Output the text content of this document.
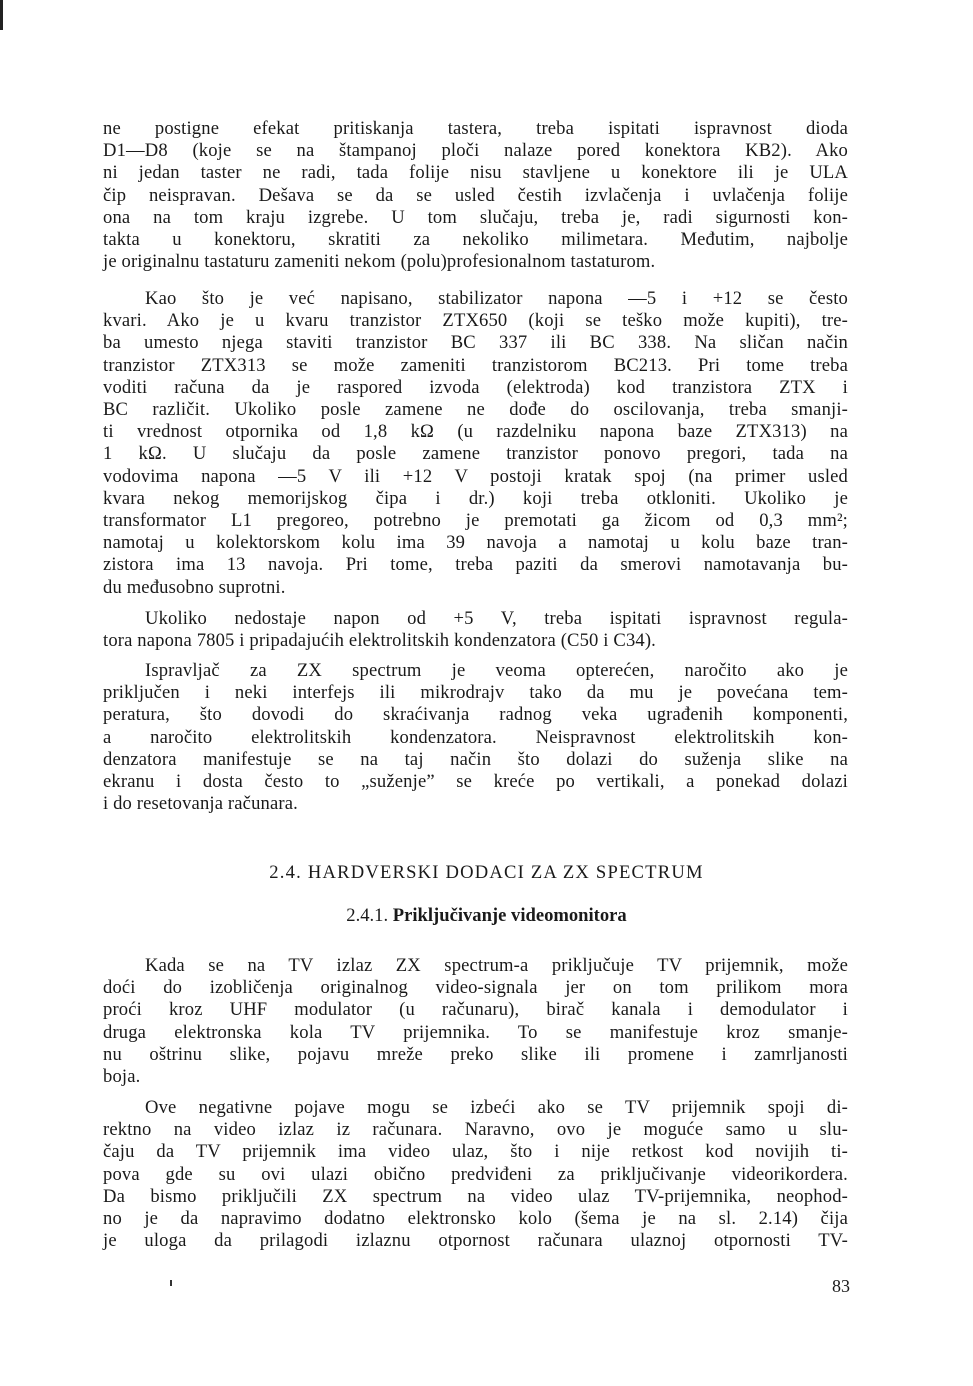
ne postigne efekat pritiskanja tastera, treba ispitati ispravnost dioda
D1—D8 (koje se na štampanoj ploči nalaze pored konektora KB2). Ako
ni jedan taster ne radi, tada folije nisu stavljene u konektore ili je ULA
čip neispravan. Dešava se da se usled čestih izvlačenja i uvlačenja folije
ona na tom kraju izgrebe. U tom slučaju, treba je, radi sigurnosti kon-
takta u konektoru, skratiti za nekoliko milimetara. Međutim, najbolje
je originalnu tastaturu zameniti nekom (polu)profesionalnom tastaturom.
Kao što je već napisano, stabilizator napona —5 i +12 se često
kvari. Ako je u kvaru tranzistor ZTX650 (koji se teško može kupiti), tre-
ba umesto njega staviti tranzistor BC 337 ili BC 338. Na sličan način
tranzistor ZTX313 se može zameniti tranzistorom BC213. Pri tome treba
voditi računa da je raspored izvoda (elektroda) kod tranzistora ZTX i
BC različit. Ukoliko posle zamene ne dođe do oscilovanja, treba smanji-
ti vrednost otpornika od 1,8 kΩ (u razdelniku napona baze ZTX313) na
1 kΩ. U slučaju da posle zamene tranzistor ponovo pregori, tada na
vodovima napona —5 V ili +12 V postoji kratak spoj (na primer usled
kvara nekog memorijskog čipa i dr.) koji treba otkloniti. Ukoliko je
transformator L1 pregoreo, potrebno je premotati ga žicom od 0,3 mm²;
namotaj u kolektorskom kolu ima 39 navoja a namotaj u kolu baze tran-
zistora ima 13 navoja. Pri tome, treba paziti da smerovi namotavanja bu-
du međusobno suprotni.
Ukoliko nedostaje napon od +5 V, treba ispitati ispravnost regula-
tora napona 7805 i pripadajućih elektrolitskih kondenzatora (C50 i C34).
Ispravljač za ZX spectrum je veoma opterećen, naročito ako je
priključen i neki interfejs ili mikrodrajv tako da mu je povećana tem-
peratura, što dovodi do skraćivanja radnog veka ugrađenih komponenti,
a naročito elektrolitskih kondenzatora. Neispravnost elektrolitskih kon-
denzatora manifestuje se na taj način što dolazi do suženja slike na
ekranu i dosta često to „suženje” se kreće po vertikali, a ponekad dolazi
i do resetovanja računara.
2.4. HARDVERSKI DODACI ZA ZX SPECTRUM
2.4.1. Priključivanje videomonitora
Kada se na TV izlaz ZX spectrum-a priključuje TV prijemnik, može
doći do izobličenja originalnog video-signala jer on tom prilikom mora
proći kroz UHF modulator (u računaru), birač kanala i demodulator i
druga elektronska kola TV prijemnika. To se manifestuje kroz smanje-
nu oštrinu slike, pojavu mreže preko slike ili promene i zamrljanosti
boja.
Ove negativne pojave mogu se izbeći ako se TV prijemnik spoji di-
rektno na video izlaz iz računara. Naravno, ovo je moguće samo u slu-
čaju da TV prijemnik ima video ulaz, što i nije retkost kod novijih ti-
pova gde su ovi ulazi obično predviđeni za priključivanje videorikordera.
Da bismo priključili ZX spectrum na video ulaz TV-prijemnika, neophod-
no je da napravimo dodatno elektronsko kolo (šema je na sl. 2.14) čija
je uloga da prilagodi izlaznu otpornost računara ulaznoj otpornosti TV-
83
